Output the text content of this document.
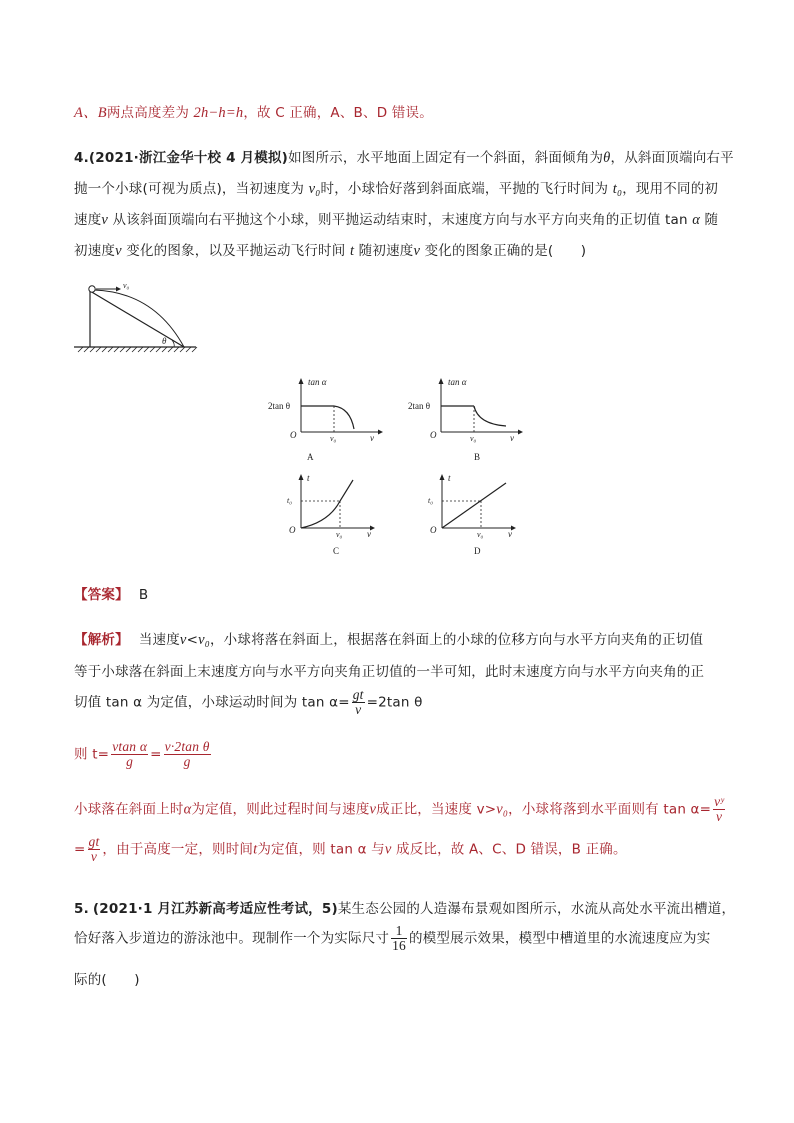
A、B两点高度差为 2h−h=h，故 C 正确，A、B、D 错误。
4.(2021·浙江金华十校 4 月模拟)如图所示，水平地面上固定有一个斜面，斜面倾角为θ，从斜面顶端向右平
抛一个小球(可视为质点)，当初速度为 v₀时，小球恰好落到斜面底端，平抛的飞行时间为 t₀，现用不同的初
速度v 从该斜面顶端向右平抛这个小球，则平抛运动结束时，末速度方向与水平方向夹角的正切值 tan α 随
初速度v 变化的图象，以及平抛运动飞行时间 t 随初速度v 变化的图象正确的是(　　)
v₀
θ
tan α
2tan θ
O	v₀	v
A
tan α
2tan θ
O	v₀	v
B
t
t₀
O	v₀	v
C
t
t₀
O	v₀	v
D
【答案】 B
【解析】 当速度v<v₀，小球将落在斜面上，根据落在斜面上的小球的位移方向与水平方向夹角的正切值
等于小球落在斜面上末速度方向与水平方向夹角正切值的一半可知，此时末速度方向与水平方向夹角的正
切值 tan α 为定值，小球运动时间为 $\tan \alpha= \frac{gt}{v} =2\tan$ θ
则 $t= \frac{\text{vtan α}}{g} = \frac{\text{v·2tan θ}}{g}$
小球落在斜面上时α为定值，则此过程时间与速度v成正比，当速度 v>v₀，小球将落到水平面则有 $\tan \alpha= \frac{\text{vʸ}}{v}$
= $\frac{gt}{v}$ ，由于高度一定，则时间t为定值，则 tan α 与v 成反比，故 A、C、D 错误，B 正确。
5. (2021·1 月江苏新高考适应性考试，5)某生态公园的人造瀑布景观如图所示，水流从高处水平流出槽道，
恰好落入步道边的游泳池中。现制作一个为实际尺寸 $\frac{1}{16}$ 的模型展示效果，模型中槽道里的水流速度应为实
际的(　　)
